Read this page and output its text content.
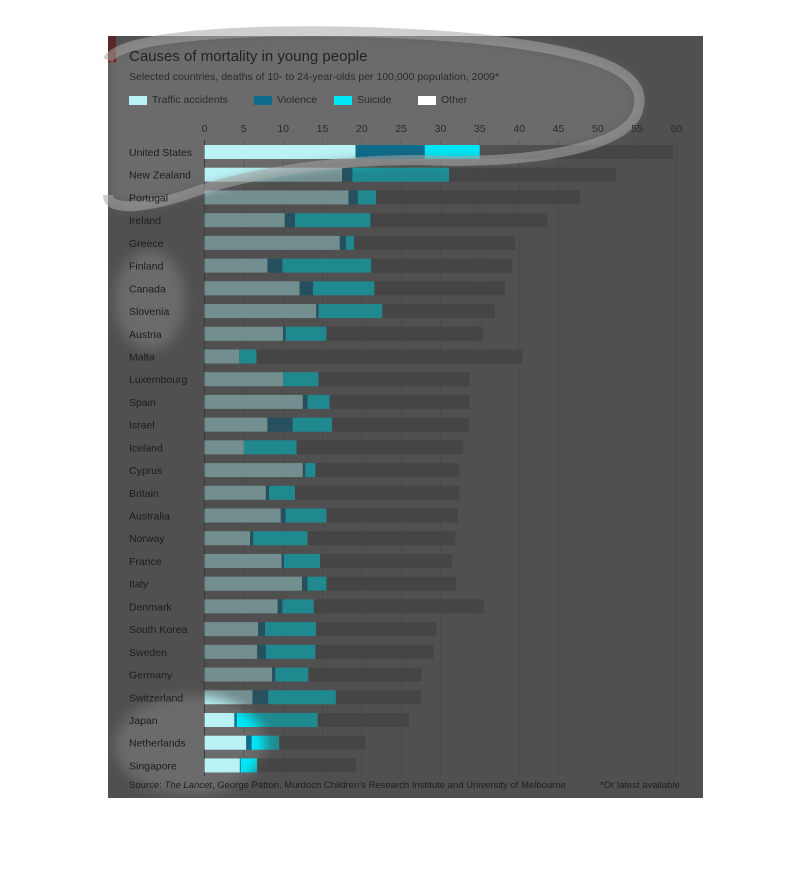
0	5	10	15	20	25	30	35	40	45	50	55	60
United States
New Zealand
Portugal
Ireland
Greece
Finland
Canada
Slovenia
Austria
Malta
Luxembourg
Spain
Israel
Iceland
Cyprus
Britain
Australia
Norway
France
Italy
Denmark
South Korea
Sweden
Germany
Switzerland
Japan
Netherlands
Singapore
Causes of mortality in young people
Selected countries, deaths of 10- to 24-year-olds per 100,000 population, 2009*
Traffic accidents	Violence	Suicide	Other
Source: The Lancet, George Patton, Murdoch Children's Research Institute and University of Melbourne	*Or latest available
